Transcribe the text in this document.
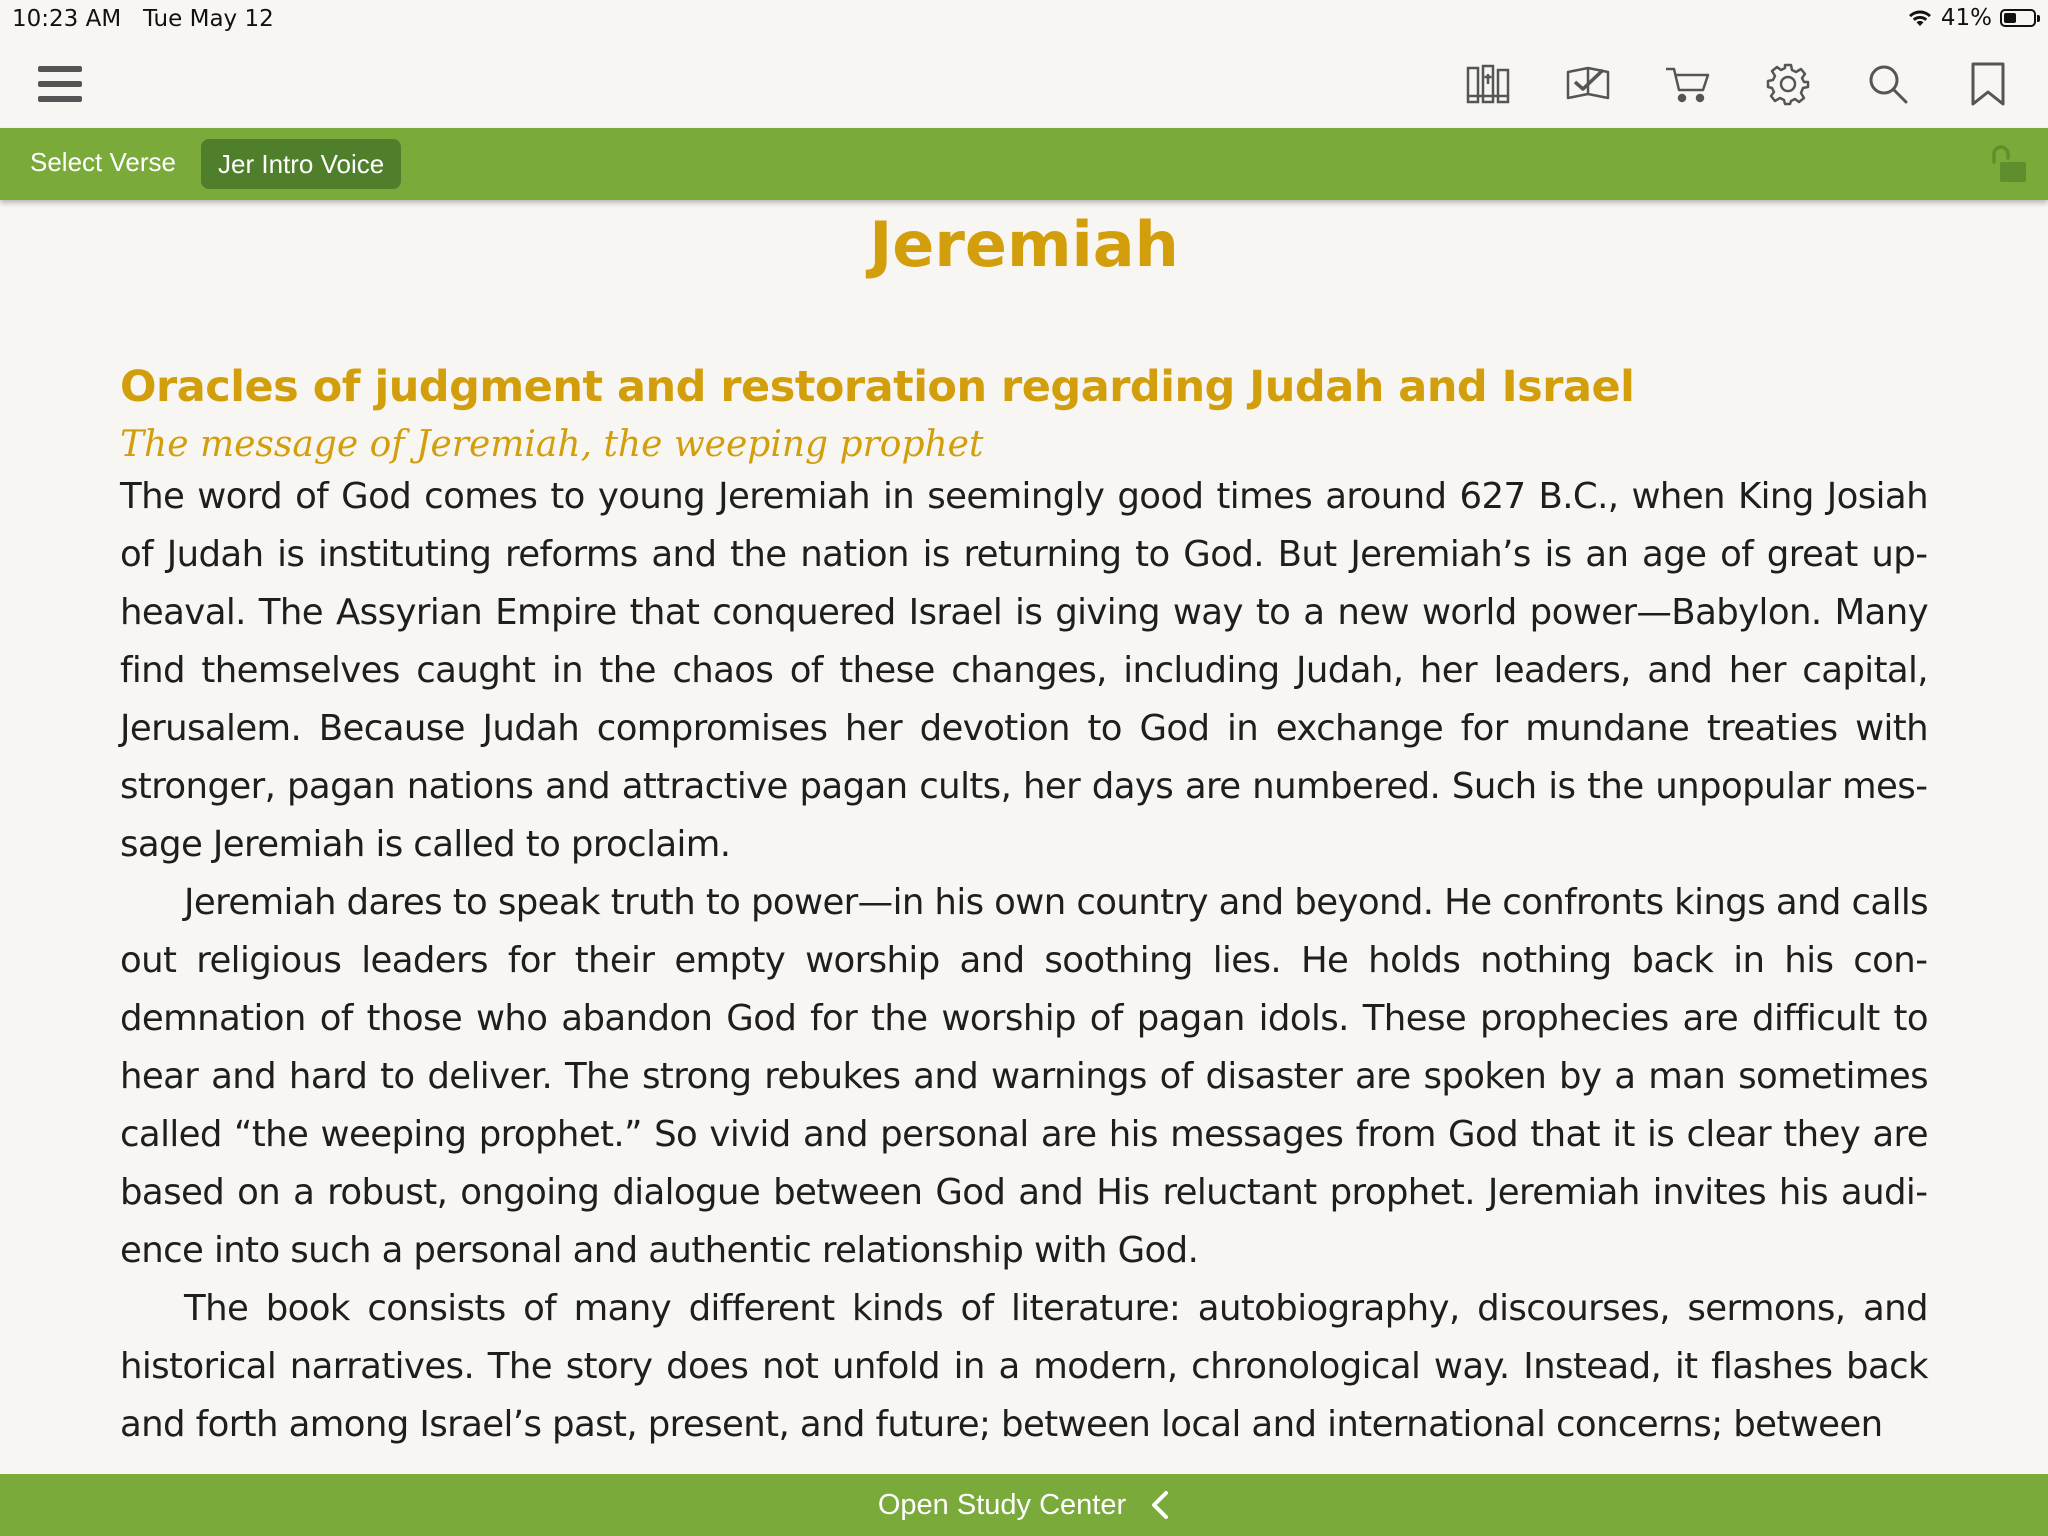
10:23 AM Tue May 12	41%
Select Verse	Jer Intro Voice
Jeremiah
Oracles of judgment and restoration regarding Judah and Israel
The message of Jeremiah, the weeping prophet

The word of God comes to young Jeremiah in seemingly good times around 627 B.C., when King Josiah of Judah is instituting reforms and the nation is returning to God. But Jeremiah’s is an age of great upheaval. The Assyrian Empire that conquered Israel is giving way to a new world power—Babylon. Many find themselves caught in the chaos of these changes, including Judah, her leaders, and her capital, Jerusalem. Because Judah compromises her devotion to God in exchange for mundane treaties with stronger, pagan nations and attractive pagan cults, her days are numbered. Such is the unpopular message Jeremiah is called to proclaim.

Jeremiah dares to speak truth to power—in his own country and beyond. He confronts kings and calls out religious leaders for their empty worship and soothing lies. He holds nothing back in his condemnation of those who abandon God for the worship of pagan idols. These prophecies are difficult to hear and hard to deliver. The strong rebukes and warnings of disaster are spoken by a man sometimes called “the weeping prophet.” So vivid and personal are his messages from God that it is clear they are based on a robust, ongoing dialogue between God and His reluctant prophet. Jeremiah invites his audience into such a personal and authentic relationship with God.

The book consists of many different kinds of literature: autobiography, discourses, sermons, and historical narratives. The story does not unfold in a modern, chronological way. Instead, it flashes back and forth among Israel’s past, present, and future; between local and international concerns; between

Open Study Center
